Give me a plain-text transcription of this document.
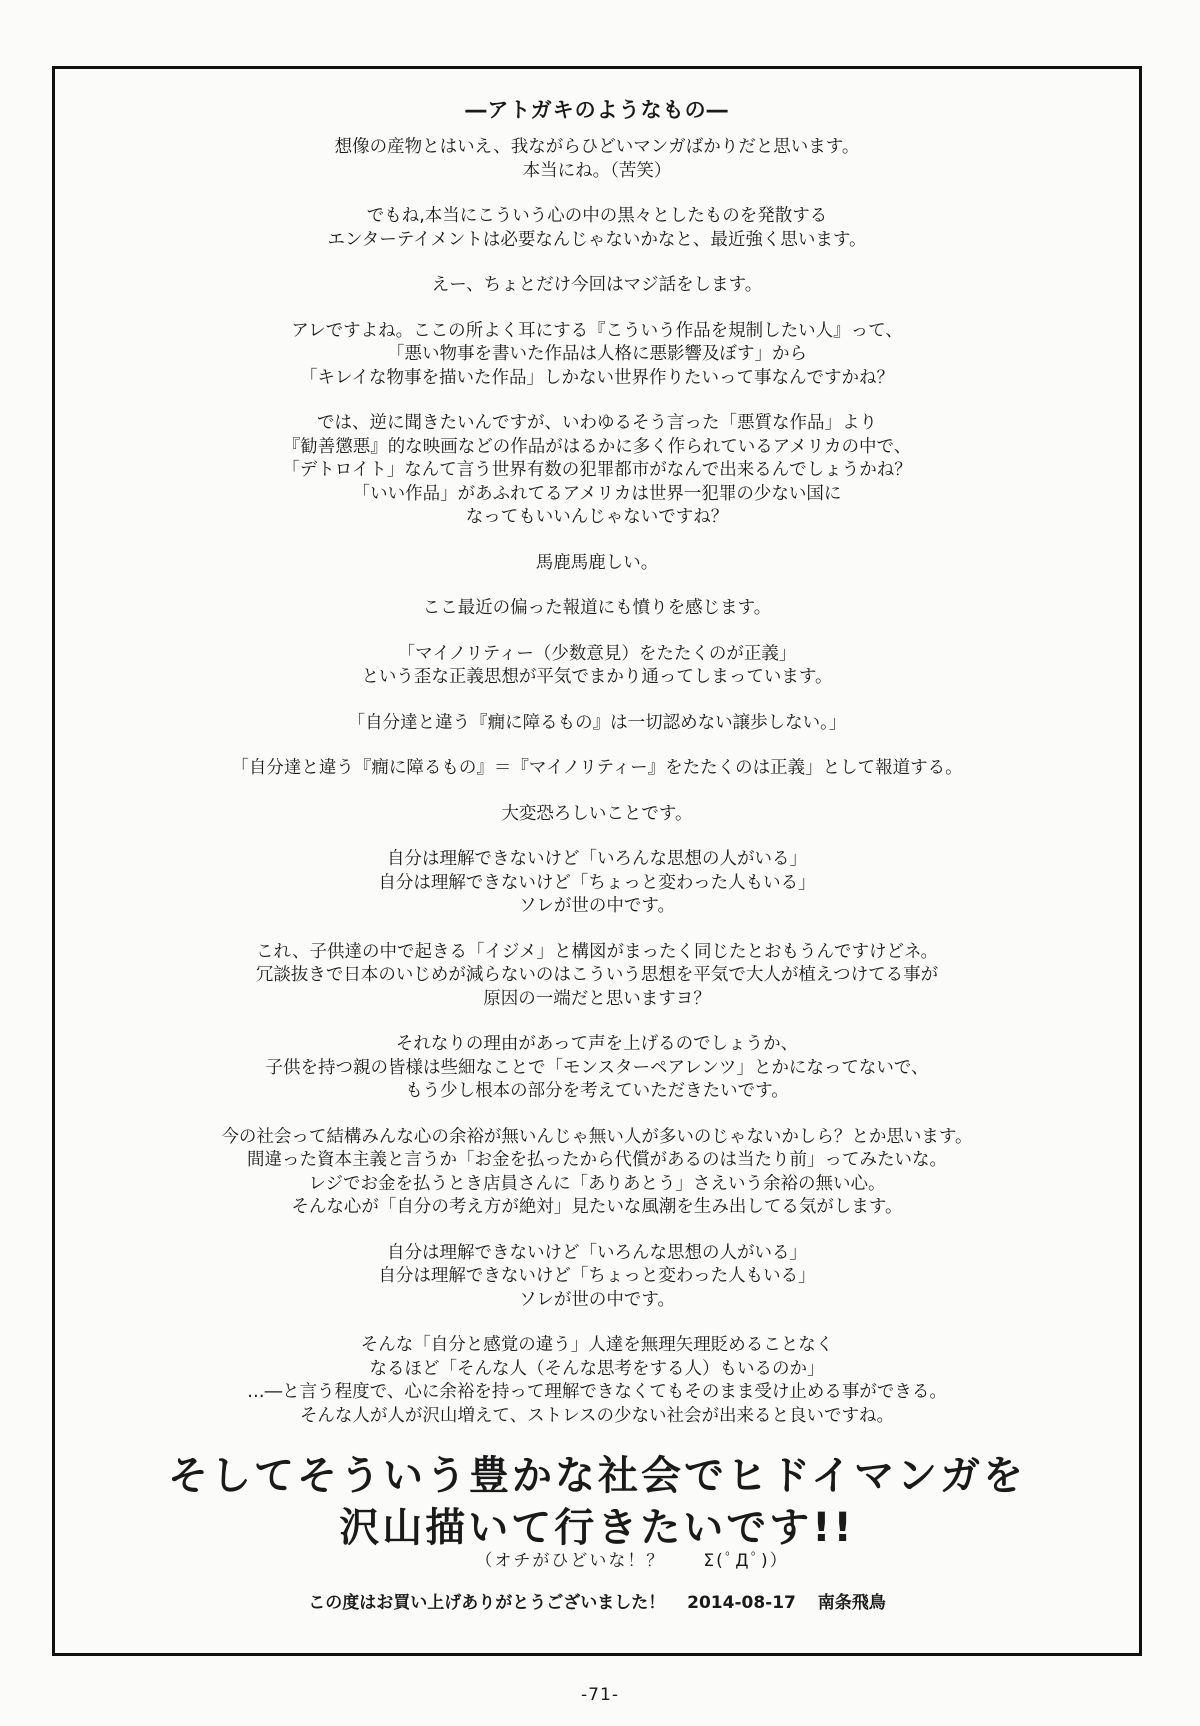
―アトガキのようなもの―
想像の産物とはいえ、我ながらひどいマンガばかりだと思います。
本当にね。（苦笑）
でもね,本当にこういう心の中の黒々としたものを発散する
エンターテイメントは必要なんじゃないかなと、最近強く思います。
えー、ちょとだけ今回はマジ話をします。
アレですよね。ここの所よく耳にする『こういう作品を規制したい人』って、
「悪い物事を書いた作品は人格に悪影響及ぼす」から
「キレイな物事を描いた作品」しかない世界作りたいって事なんですかね？
では、逆に聞きたいんですが、いわゆるそう言った「悪質な作品」より
『勧善懲悪』的な映画などの作品がはるかに多く作られているアメリカの中で、
「デトロイト」なんて言う世界有数の犯罪都市がなんで出来るんでしょうかね？
「いい作品」があふれてるアメリカは世界一犯罪の少ない国に
なってもいいんじゃないですね？
馬鹿馬鹿しい。
ここ最近の偏った報道にも憤りを感じます。
「マイノリティー（少数意見）をたたくのが正義」
という歪な正義思想が平気でまかり通ってしまっています。
「自分達と違う『癇に障るもの』は一切認めない譲歩しない。」
「自分達と違う『癇に障るもの』＝『マイノリティー』をたたくのは正義」として報道する。
大変恐ろしいことです。
自分は理解できないけど「いろんな思想の人がいる」
自分は理解できないけど「ちょっと変わった人もいる」
ソレが世の中です。
これ、子供達の中で起きる「イジメ」と構図がまったく同じたとおもうんですけどネ。
冗談抜きで日本のいじめが減らないのはこういう思想を平気で大人が植えつけてる事が
原因の一端だと思いますヨ？
それなりの理由があって声を上げるのでしょうか、
子供を持つ親の皆様は些細なことで「モンスターペアレンツ」とかになってないで、
もう少し根本の部分を考えていただきたいです。
今の社会って結構みんな心の余裕が無いんじゃ無い人が多いのじゃないかしら？とか思います。
間違った資本主義と言うか「お金を払ったから代償があるのは当たり前」ってみたいな。
レジでお金を払うとき店員さんに「ありあとう」さえいう余裕の無い心。
そんな心が「自分の考え方が絶対」見たいな風潮を生み出してる気がします。
自分は理解できないけど「いろんな思想の人がいる」
自分は理解できないけど「ちょっと変わった人もいる」
ソレが世の中です。
そんな「自分と感覚の違う」人達を無理矢理貶めることなく
なるほど「そんな人（そんな思考をする人）もいるのか」
…―と言う程度で、心に余裕を持って理解できなくてもそのまま受け止める事ができる。
そんな人が人が沢山増えて、ストレスの少ない社会が出来ると良いですね。
そしてそういう豊かな社会でヒドイマンガを
沢山描いて行きたいです!!
（オチがひどいな！？　　Σ(ﾟДﾟ)）
この度はお買い上げありがとうございました！ 2014-08-17 南条飛鳥
-71-
